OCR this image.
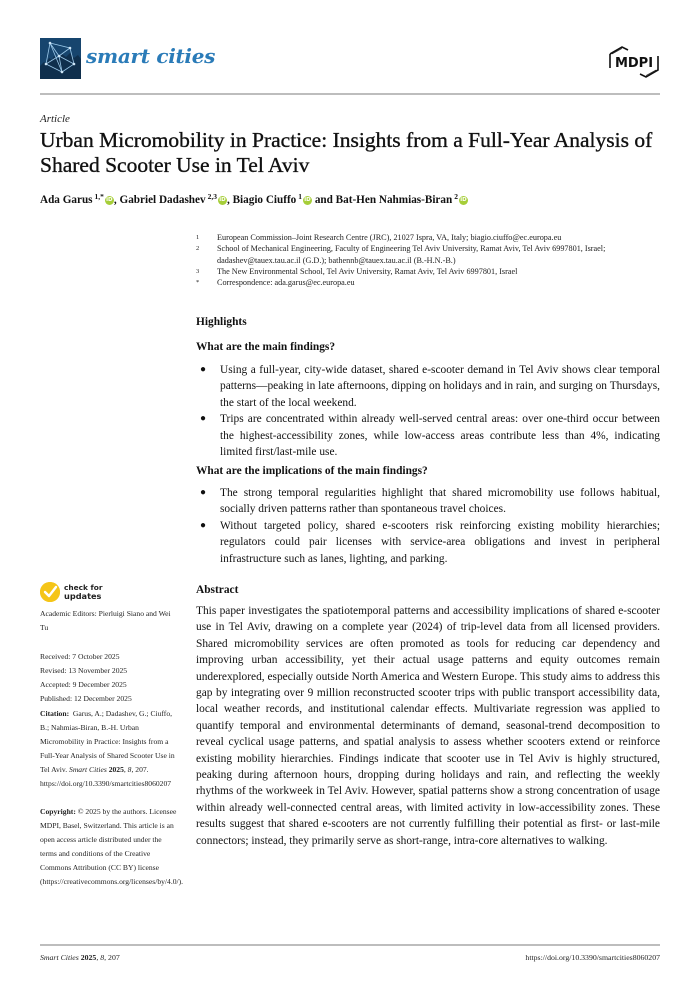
smart cities	MDPI
Article
Urban Micromobility in Practice: Insights from a Full-Year Analysis of Shared Scooter Use in Tel Aviv
Ada Garus $^{1,*}$ iD, Gabriel Dadashev $^{2,3}$ iD, Biagio Ciuffo $^1$ iD and Bat-Hen Nahmias-Biran $^2$ iD
1	European Commission–Joint Research Centre (JRC), 21027 Ispra, VA, Italy; biagio.ciuffo@ec.europa.eu
2	School of Mechanical Engineering, Faculty of Engineering Tel Aviv University, Ramat Aviv, Tel Aviv 6997801, Israel; dadashev@tauex.tau.ac.il (G.D.); bathennb@tauex.tau.ac.il (B.-H.N.-B.)
3	The New Environmental School, Tel Aviv University, Ramat Aviv, Tel Aviv 6997801, Israel
*	Correspondence: ada.garus@ec.europa.eu
Highlights
What are the main findings?
●	Using a full-year, city-wide dataset, shared e-scooter demand in Tel Aviv shows clear temporal patterns—peaking in late afternoons, dipping on holidays and in rain, and surging on Thursdays, the start of the local weekend.
●	Trips are concentrated within already well-served central areas: over one-third occur between the highest-accessibility zones, while low-access areas contribute less than 4%, indicating limited first/last-mile use.
What are the implications of the main findings?
●	The strong temporal regularities highlight that shared micromobility use follows habitual, socially driven patterns rather than spontaneous travel choices.
●	Without targeted policy, shared e-scooters risk reinforcing existing mobility hierarchies; regulators could pair licenses with service-area obligations and invest in peripheral infrastructure such as lanes, lighting, and parking.
Abstract

This paper investigates the spatiotemporal patterns and accessibility implications of shared e-scooter use in Tel Aviv, drawing on a complete year (2024) of trip-level data from all licensed providers. Shared micromobility services are often promoted as tools for reducing car dependency and improving urban accessibility, yet their actual usage patterns and equity outcomes remain underexplored, especially outside North America and Western Europe. This study aims to address this gap by integrating over 9 million reconstructed scooter trips with public transport accessibility data, local weather records, and institutional calendar effects. Multivariate regression was applied to quantify temporal and environmental determinants of demand, seasonal-trend decomposition to reveal cyclical usage patterns, and spatial analysis to assess whether scooters extend or reinforce existing mobility hierarchies. Findings indicate that scooter use in Tel Aviv is highly structured, peaking during afternoon hours, dropping during holidays and rain, and reflecting the weekly rhythms of the workweek in Tel Aviv. However, spatial patterns show a strong concentration of usage within already well-connected central areas, with limited activity in low-accessibility zones. These results suggest that shared e-scooters are not currently fulfilling their potential as first- or last-mile connectors; instead, they primarily serve as short-range, intra-core alternatives to walking.

check for
updates
Academic Editors: Pierluigi Siano and Wei Tu
Received: 7 October 2025
Revised: 13 November 2025
Accepted: 9 December 2025
Published: 12 December 2025
Citation: Garus, A.; Dadashev, G.; Ciuffo, B.; Nahmias-Biran, B.-H. Urban Micromobility in Practice: Insights from a Full-Year Analysis of Shared Scooter Use in Tel Aviv. Smart Cities 2025, 8, 207. https://doi.org/10.3390/smartcities8060207
Copyright: © 2025 by the authors. Licensee MDPI, Basel, Switzerland. This article is an open access article distributed under the terms and conditions of the Creative Commons Attribution (CC BY) license (https://creativecommons.org/licenses/by/4.0/).
Smart Cities 2025, 8, 207	https://doi.org/10.3390/smartcities8060207
